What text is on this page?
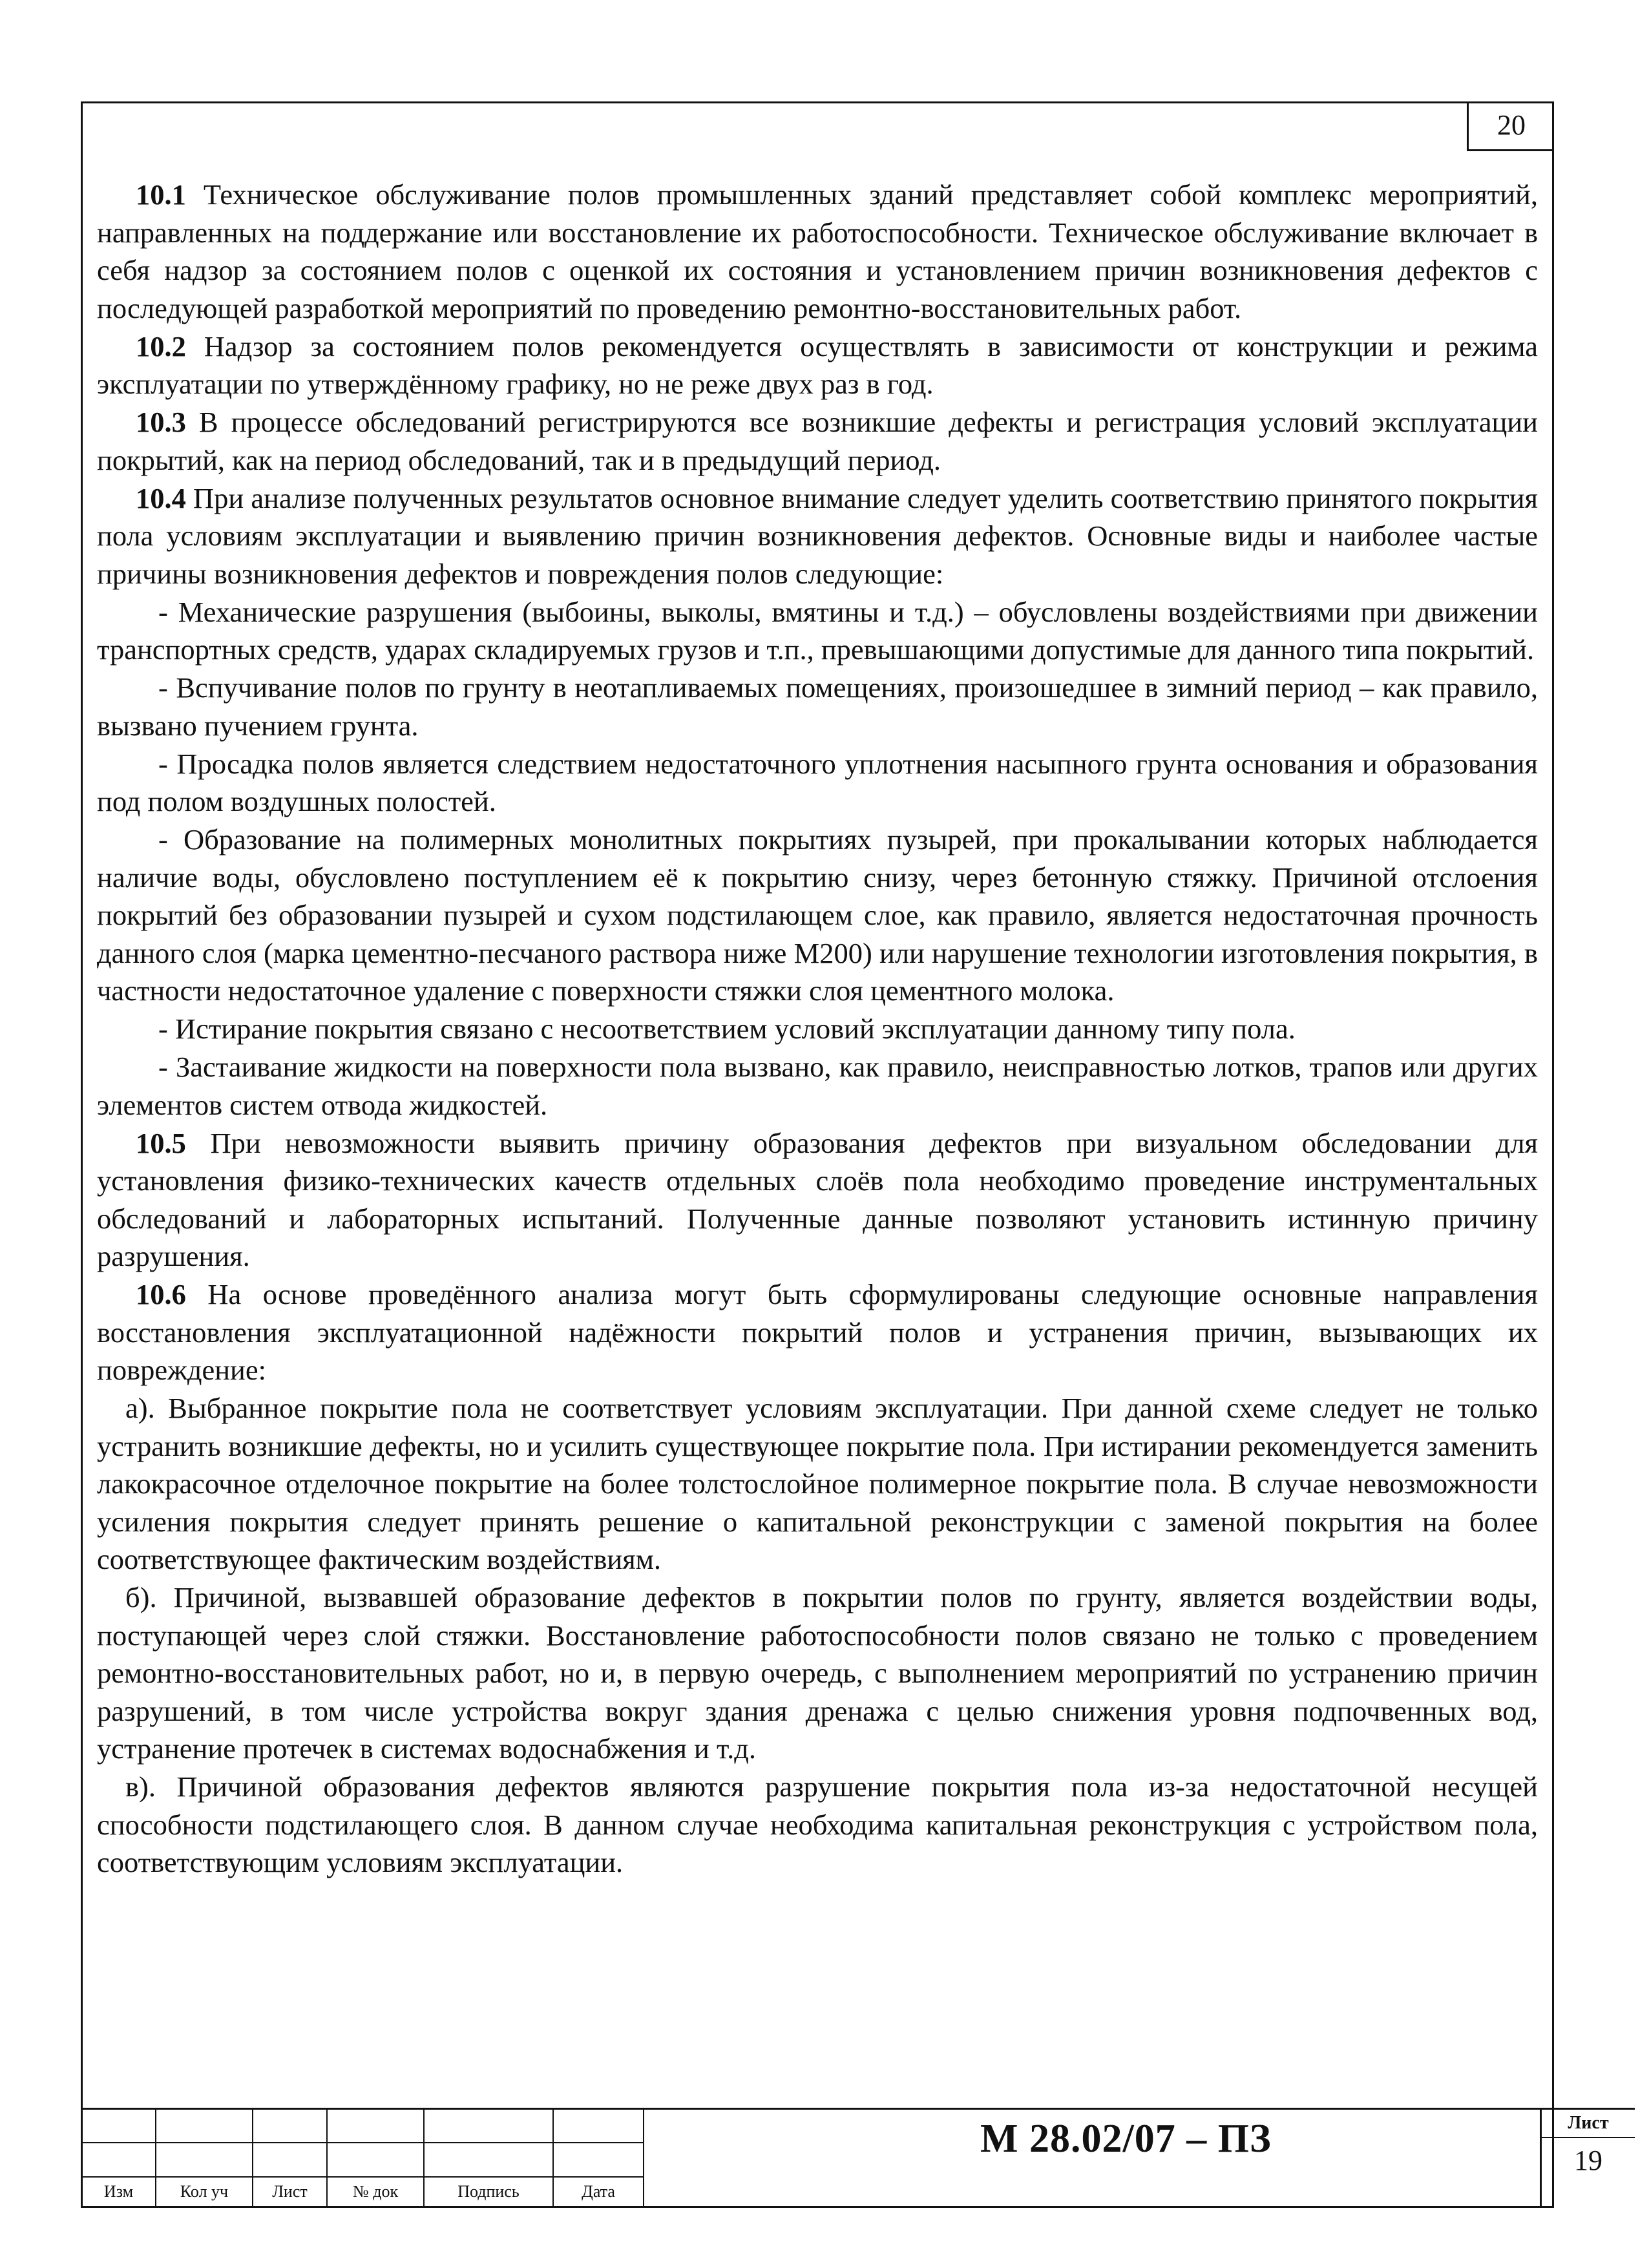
20

10.1 Техническое обслуживание полов промышленных зданий представляет собой комплекс мероприятий, направленных на поддержание или восстановление их работоспособности. Техническое обслуживание включает в себя надзор за состоянием полов с оценкой их состояния и установлением причин возникновения дефектов с последующей разработкой мероприятий по проведению ремонтно-восстановительных работ.

10.2 Надзор за состоянием полов рекомендуется осуществлять в зависимости от конструкции и режима эксплуатации по утверждённому графику, но не реже двух раз в год.

10.3 В процессе обследований регистрируются все возникшие дефекты и регистрация условий эксплуатации покрытий, как на период обследований, так и в предыдущий период.

10.4 При анализе полученных результатов основное внимание следует уделить соответствию принятого покрытия пола условиям эксплуатации и выявлению причин возникновения дефектов. Основные виды и наиболее частые причины возникновения дефектов и повреждения полов следующие:

- Механические разрушения (выбоины, выколы, вмятины и т.д.) – обусловлены воздействиями при движении транспортных средств, ударах складируемых грузов и т.п., превышающими допустимые для данного типа покрытий.

- Вспучивание полов по грунту в неотапливаемых помещениях, произошедшее в зимний период – как правило, вызвано пучением грунта.

- Просадка полов является следствием недостаточного уплотнения насыпного грунта основания и образования под полом воздушных полостей.

- Образование на полимерных монолитных покрытиях пузырей, при прокалывании которых наблюдается наличие воды, обусловлено поступлением её к покрытию снизу, через бетонную стяжку. Причиной отслоения покрытий без образовании пузырей и сухом подстилающем слое, как правило, является недостаточная прочность данного слоя (марка цементно-песчаного раствора ниже М200) или нарушение технологии изготовления покрытия, в частности недостаточное удаление с поверхности стяжки слоя цементного молока.

- Истирание покрытия связано с несоответствием условий эксплуатации данному типу пола.

- Застаивание жидкости на поверхности пола вызвано, как правило, неисправностью лотков, трапов или других элементов систем отвода жидкостей.

10.5 При невозможности выявить причину образования дефектов при визуальном обследовании для установления физико-технических качеств отдельных слоёв пола необходимо проведение инструментальных обследований и лабораторных испытаний. Полученные данные позволяют установить истинную причину разрушения.

10.6 На основе проведённого анализа могут быть сформулированы следующие основные направления восстановления эксплуатационной надёжности покрытий полов и устранения причин, вызывающих их повреждение:

а). Выбранное покрытие пола не соответствует условиям эксплуатации. При данной схеме следует не только устранить возникшие дефекты, но и усилить существующее покрытие пола. При истирании рекомендуется заменить лакокрасочное отделочное покрытие на более толстослойное полимерное покрытие пола. В случае невозможности усиления покрытия следует принять решение о капитальной реконструкции с заменой покрытия на более соответствующее фактическим воздействиям.

б). Причиной, вызвавшей образование дефектов в покрытии полов по грунту, является воздействии воды, поступающей через слой стяжки. Восстановление работоспособности полов связано не только с проведением ремонтно-восстановительных работ, но и, в первую очередь, с выполнением мероприятий по устранению причин разрушений, в том числе устройства вокруг здания дренажа с целью снижения уровня подпочвенных вод, устранение протечек в системах водоснабжения и т.д.

в). Причиной образования дефектов являются разрушение покрытия пола из-за недостаточной несущей способности подстилающего слоя. В данном случае необходима капитальная реконструкция с устройством пола, соответствующим условиям эксплуатации.

Изм	Кол уч	Лист	№ док	Подпись	Дата
М 28.02/07 – ПЗ	Лист
19
